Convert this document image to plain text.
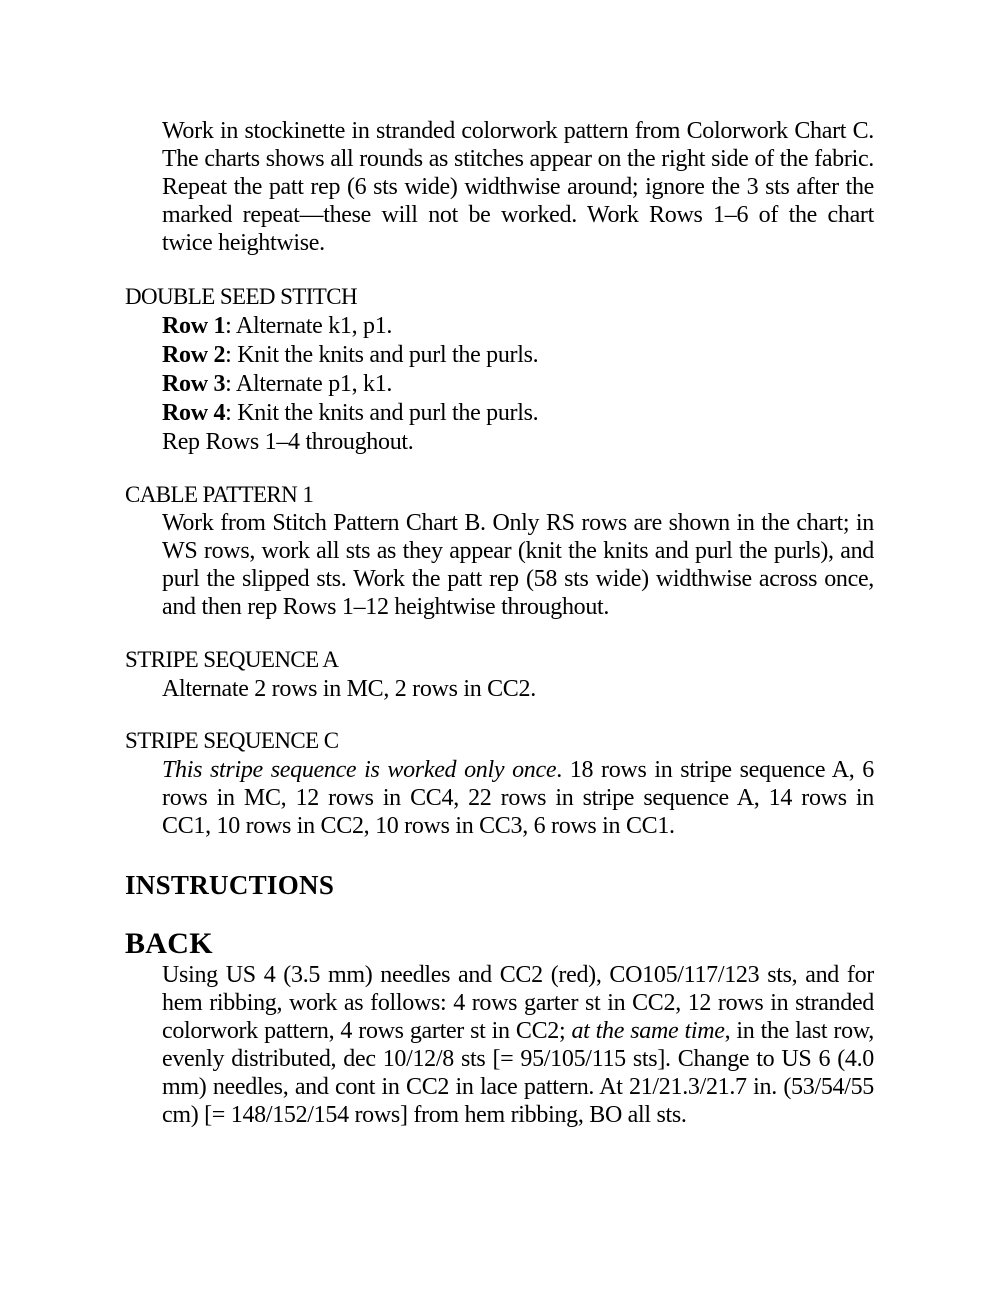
Work in stockinette in stranded colorwork pattern from Colorwork Chart C. The charts shows all rounds as stitches appear on the right side of the fabric. Repeat the patt rep (6 sts wide) widthwise around; ignore the 3 sts after the marked repeat—these will not be worked. Work Rows 1–6 of the chart twice heightwise.

DOUBLE SEED STITCH

Row 1: Alternate k1, p1.

Row 2: Knit the knits and purl the purls.

Row 3: Alternate p1, k1.

Row 4: Knit the knits and purl the purls.

Rep Rows 1–4 throughout.

CABLE PATTERN 1

Work from Stitch Pattern Chart B. Only RS rows are shown in the chart; in WS rows, work all sts as they appear (knit the knits and purl the purls), and purl the slipped sts. Work the patt rep (58 sts wide) widthwise across once, and then rep Rows 1–12 heightwise throughout.

STRIPE SEQUENCE A

Alternate 2 rows in MC, 2 rows in CC2.

STRIPE SEQUENCE C

This stripe sequence is worked only once. 18 rows in stripe sequence A, 6 rows in MC, 12 rows in CC4, 22 rows in stripe sequence A, 14 rows in CC1, 10 rows in CC2, 10 rows in CC3, 6 rows in CC1.

INSTRUCTIONS
BACK

Using US 4 (3.5 mm) needles and CC2 (red), CO105/117/123 sts, and for hem ribbing, work as follows: 4 rows garter st in CC2, 12 rows in stranded colorwork pattern, 4 rows garter st in CC2; at the same time, in the last row, evenly distributed, dec 10/12/8 sts [= 95/105/115 sts]. Change to US 6 (4.0 mm) needles, and cont in CC2 in lace pattern. At 21/21.3/21.7 in. (53/54/55 cm) [= 148/152/154 rows] from hem ribbing, BO all sts.
